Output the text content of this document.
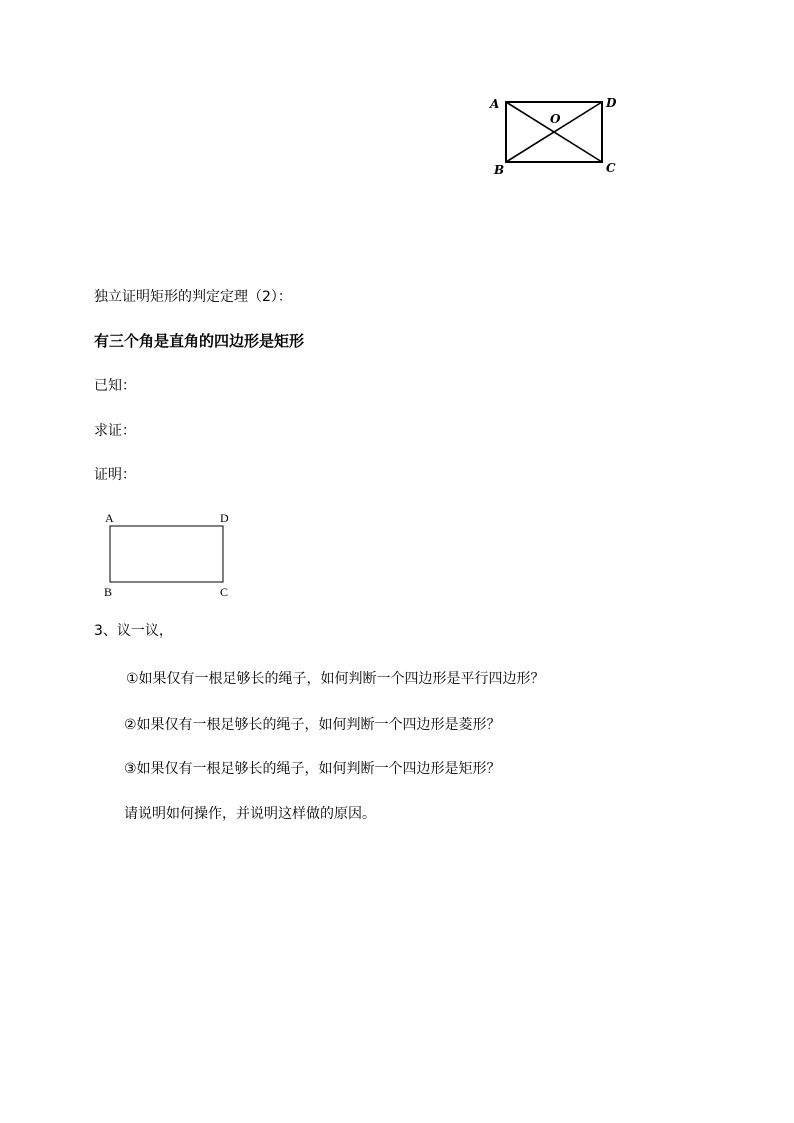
A	D
B	C
O
独立证明矩形的判定定理（2）：
有三个角是直角的四边形是矩形
已知：
求证：
证明：
A	D
B	C
3、议一议，
①如果仅有一根足够长的绳子，如何判断一个四边形是平行四边形？
②如果仅有一根足够长的绳子，如何判断一个四边形是菱形？
③如果仅有一根足够长的绳子，如何判断一个四边形是矩形？
请说明如何操作，并说明这样做的原因。
